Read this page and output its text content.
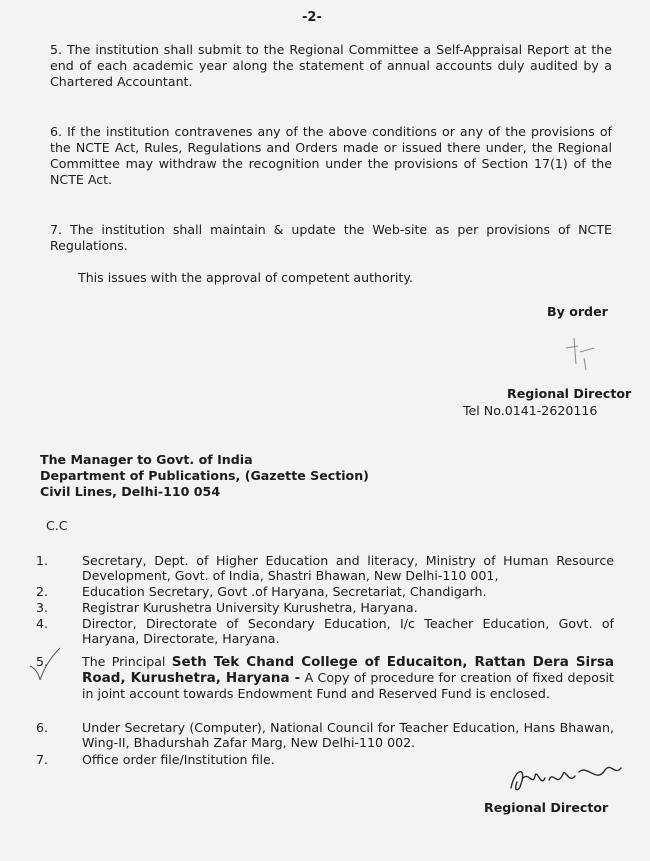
-2-
5. The institution shall submit to the Regional Committee a Self-Appraisal Report at the end of each academic year along the statement of annual accounts duly audited by a Chartered Accountant.
6. If the institution contravenes any of the above conditions or any of the provisions of the NCTE Act, Rules, Regulations and Orders made or issued there under, the Regional Committee may withdraw the recognition under the provisions of Section 17(1) of the NCTE Act.
7. The institution shall maintain & update the Web-site as per provisions of NCTE Regulations.
This issues with the approval of competent authority.
By order
Regional Director
Tel No.0141-2620116
The Manager to Govt. of India
Department of Publications, (Gazette Section)
Civil Lines, Delhi-110 054
C.C
1.	Secretary, Dept. of Higher Education and literacy, Ministry of Human Resource Development, Govt. of India, Shastri Bhawan, New Delhi-110 001,
2.	Education Secretary, Govt .of Haryana, Secretariat, Chandigarh.
3.	Registrar Kurushetra University Kurushetra, Haryana.
4.	Director, Directorate of Secondary Education, I/c Teacher Education, Govt. of Haryana, Directorate, Haryana.
5.	The Principal Seth Tek Chand College of Educaiton, Rattan Dera Sirsa Road, Kurushetra, Haryana - A Copy of procedure for creation of fixed deposit in joint account towards Endowment Fund and Reserved Fund is enclosed.
6.	Under Secretary (Computer), National Council for Teacher Education, Hans Bhawan, Wing-II, Bhadurshah Zafar Marg, New Delhi-110 002.
7.	Office order file/Institution file.
Regional Director
